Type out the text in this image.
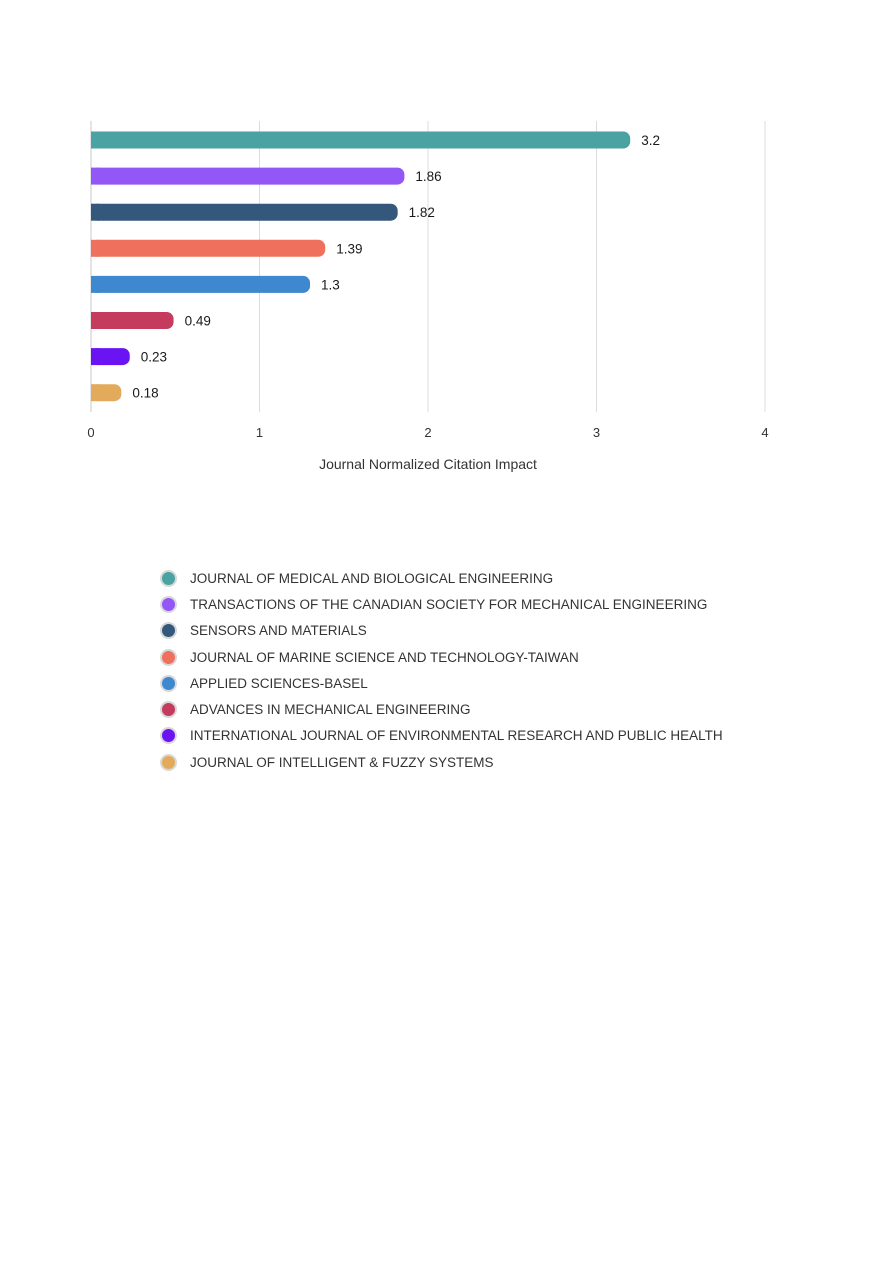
3.2
1.86
1.82
1.39
1.3
0.49
0.23
0.18
0	1	2	3	4
Journal Normalized Citation Impact
JOURNAL OF MEDICAL AND BIOLOGICAL ENGINEERING
TRANSACTIONS OF THE CANADIAN SOCIETY FOR MECHANICAL ENGINEERING
SENSORS AND MATERIALS
JOURNAL OF MARINE SCIENCE AND TECHNOLOGY-TAIWAN
APPLIED SCIENCES-BASEL
ADVANCES IN MECHANICAL ENGINEERING
INTERNATIONAL JOURNAL OF ENVIRONMENTAL RESEARCH AND PUBLIC HEALTH
JOURNAL OF INTELLIGENT & FUZZY SYSTEMS
